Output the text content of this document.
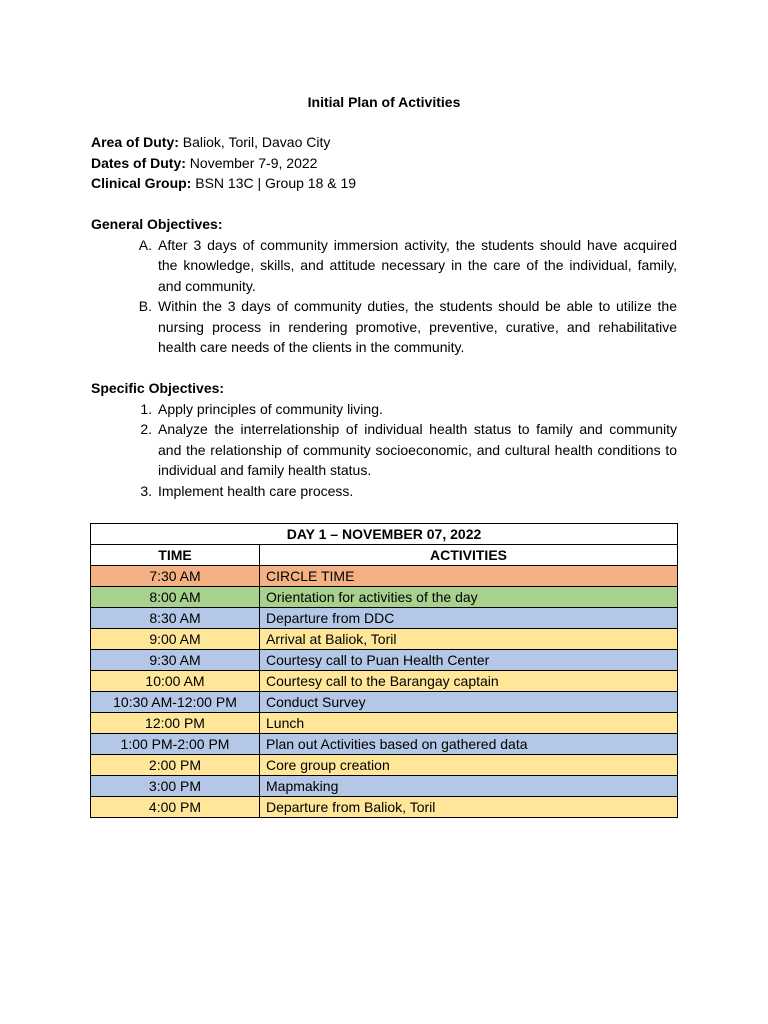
Initial Plan of Activities
Area of Duty: Baliok, Toril, Davao City
Dates of Duty: November 7-9, 2022
Clinical Group: BSN 13C | Group 18 & 19
General Objectives:
A. After 3 days of community immersion activity, the students should have acquired the knowledge, skills, and attitude necessary in the care of the individual, family, and community.
B. Within the 3 days of community duties, the students should be able to utilize the nursing process in rendering promotive, preventive, curative, and rehabilitative health care needs of the clients in the community.
Specific Objectives:
1. Apply principles of community living.
2. Analyze the interrelationship of individual health status to family and community and the relationship of community socioeconomic, and cultural health conditions to individual and family health status.
3. Implement health care process.
DAY 1 – NOVEMBER 07, 2022	
TIME	ACTIVITIES
7:30 AM	CIRCLE TIME
8:00 AM	Orientation for activities of the day
8:30 AM	Departure from DDC
9:00 AM	Arrival at Baliok, Toril
9:30 AM	Courtesy call to Puan Health Center
10:00 AM	Courtesy call to the Barangay captain
10:30 AM-12:00 PM	Conduct Survey
12:00 PM	Lunch
1:00 PM-2:00 PM	Plan out Activities based on gathered data
2:00 PM	Core group creation
3:00 PM	Mapmaking
4:00 PM	Departure from Baliok, Toril
